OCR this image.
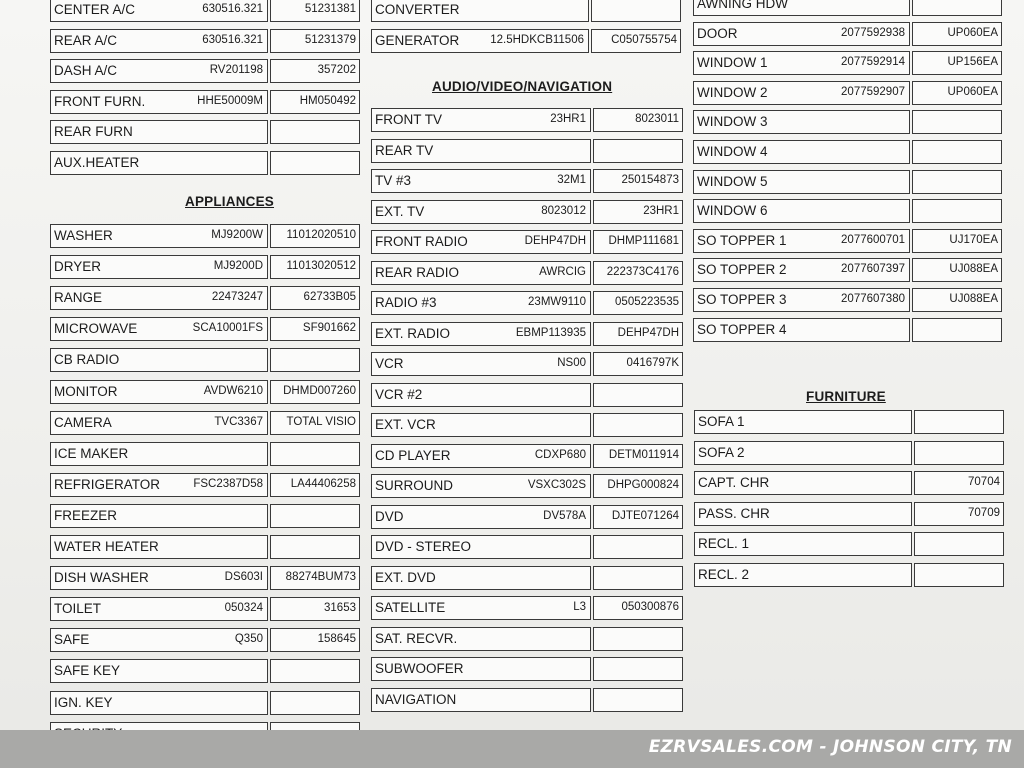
APPLIANCES
AUDIO/VIDEO/NAVIGATION
FURNITURE
CENTER A/C	630516.321	51231381
REAR A/C	630516.321	51231379
DASH A/C	RV201198	357202
FRONT FURN.	HHE50009M	HM050492
REAR FURN
AUX.HEATER
WASHER	MJ9200W	11012020510
DRYER	MJ9200D	11013020512
RANGE	22473247	62733B05
MICROWAVE	SCA10001FS	SF901662
CB RADIO
MONITOR	AVDW6210	DHMD007260
CAMERA	TVC3367	TOTAL VISIO
ICE MAKER
REFRIGERATOR	FSC2387D58	LA44406258
FREEZER
WATER HEATER
DISH WASHER	DS603I	88274BUM73
TOILET	050324	31653
SAFE	Q350	158645
SAFE KEY
IGN. KEY
CONVERTER
GENERATOR	12.5HDKCB11506	C050755754
FRONT TV	23HR1	8023011
REAR TV
TV #3	32M1	250154873
EXT. TV	8023012	23HR1
FRONT RADIO	DEHP47DH	DHMP111681
REAR RADIO	AWRCIG	222373C4176
RADIO #3	23MW9110	0505223535
EXT. RADIO	EBMP113935	DEHP47DH
VCR	NS00	0416797K
VCR #2
EXT. VCR
CD PLAYER	CDXP680	DETM011914
SURROUND	VSXC302S	DHPG000824
DVD	DV578A	DJTE071264
DVD - STEREO
EXT. DVD
SATELLITE	L3	050300876
SAT. RECVR.
SUBWOOFER
NAVIGATION
AWNING HDW
DOOR	2077592938	UP060EA
WINDOW 1	2077592914	UP156EA
WINDOW 2	2077592907	UP060EA
WINDOW 3
WINDOW 4
WINDOW 5
WINDOW 6
SO TOPPER 1	2077600701	UJ170EA
SO TOPPER 2	2077607397	UJ088EA
SO TOPPER 3	2077607380	UJ088EA
SO TOPPER 4
SOFA 1
SOFA 2
CAPT. CHR	70704
PASS. CHR	70709
RECL. 1
RECL. 2
EZRVSALES.COM - JOHNSON CITY, TN
